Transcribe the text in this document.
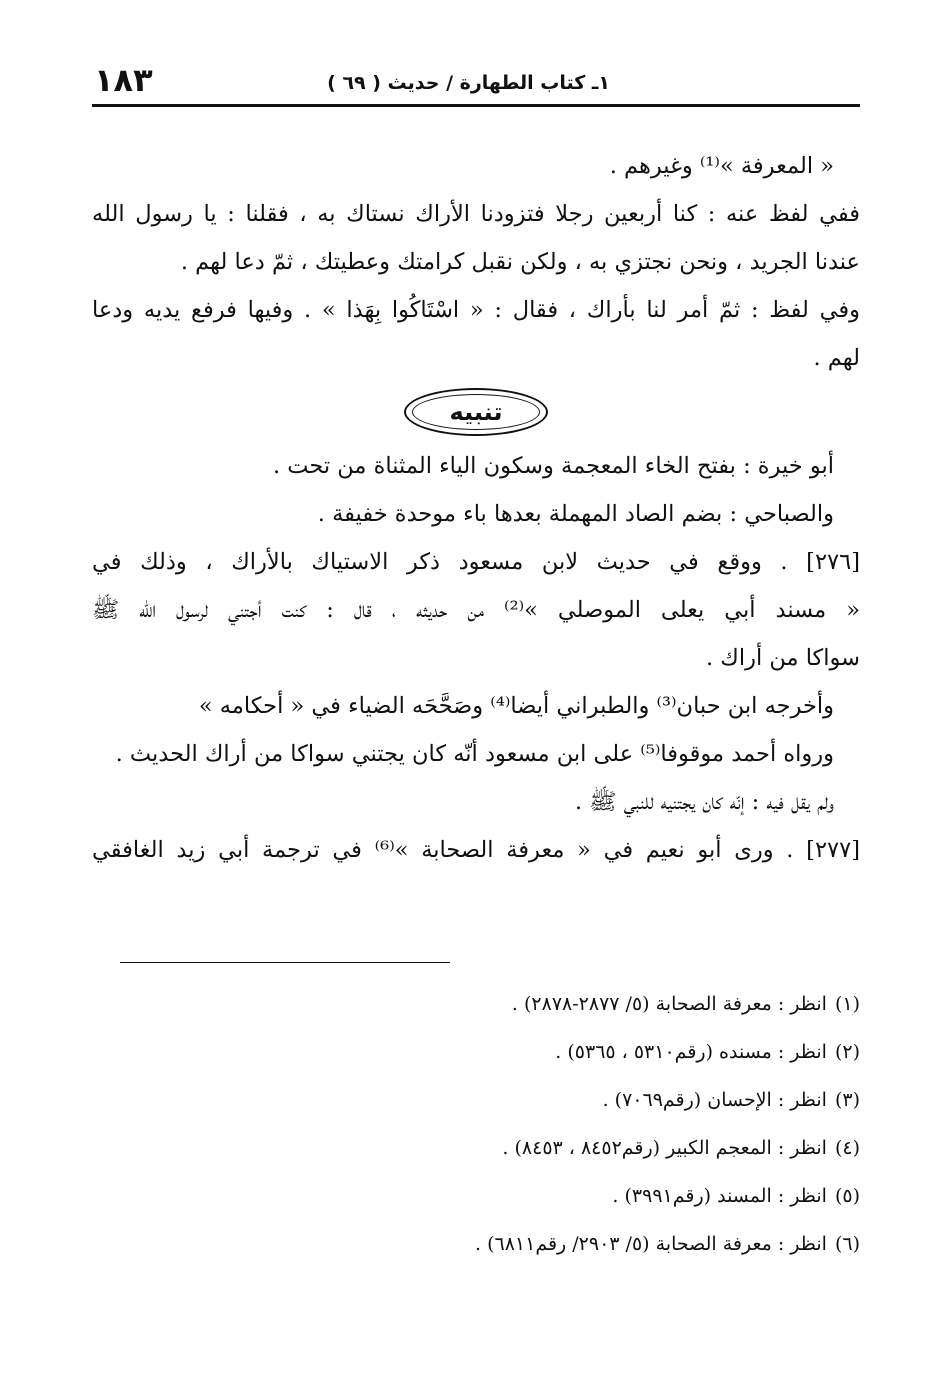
١ـ كتاب الطهارة / حديث ( ٦٩ )
١٨٣
« المعرفة »⁽¹⁾ وغيرهم .
ففي لفظ عنه : كنا أربعين رجلا فتزودنا الأراك نستاك به ، فقلنا : يا رسول الله
عندنا الجريد ، ونحن نجتزي به ، ولكن نقبل كرامتك وعطيتك ، ثمّ دعا لهم .
وفي لفظ : ثمّ أمر لنا بأراك ، فقال : « اسْتَاكُوا بِهَذا » . وفيها فرفع يديه ودعا
لهم .
تنبيه
أبو خيرة : بفتح الخاء المعجمة وسكون الياء المثناة من تحت .
والصباحي : بضم الصاد المهملة بعدها باء موحدة خفيفة .
[٢٧٦] . ووقع في حديث لابن مسعود ذكر الاستياك بالأراك ، وذلك في
« مسند أبي يعلى الموصلي »⁽²⁾ من حديثه ، قال : كنت أجتني لرسول الله ﷺ
سواكا من أراك .
وأخرجه ابن حبان⁽³⁾ والطبراني أيضا⁽⁴⁾ وصَحَّحَه الضياء في « أحكامه »
ورواه أحمد موقوفا⁽⁵⁾ على ابن مسعود أنّه كان يجتني سواكا من أراك الحديث .
ولم يقل فيه : إنّه كان يجتنيه للنبي ﷺ .
[٢٧٧] . ورى أبو نعيم في « معرفة الصحابة »⁽⁶⁾ في ترجمة أبي زيد الغافقي
(١)انظر : معرفة الصحابة (٥/ ٢٨٧٧-٢٨٧٨) .
(٢)انظر : مسنده (رقم٥٣١٠ ، ٥٣٦٥) .
(٣)انظر : الإحسان (رقم٧٠٦٩) .
(٤)انظر : المعجم الكبير (رقم٨٤٥٢ ، ٨٤٥٣) .
(٥)انظر : المسند (رقم٣٩٩١) .
(٦)انظر : معرفة الصحابة (٥/ ٢٩٠٣/ رقم٦٨١١) .
